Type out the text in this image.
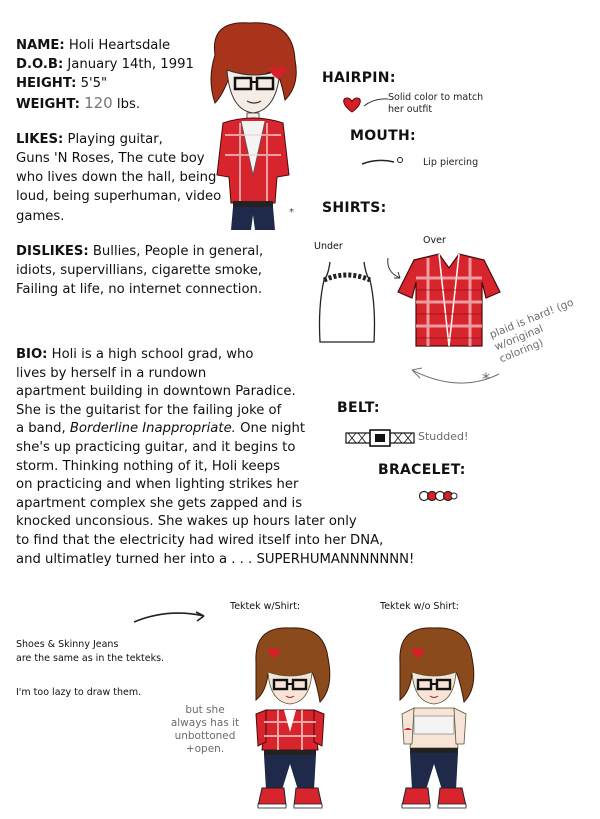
NAME: Holi Heartsdale
D.O.B: January 14th, 1991
HEIGHT: 5'5"
WEIGHT: 120 lbs.
LIKES: Playing guitar,
Guns 'N Roses, The cute boy
who lives down the hall, being
loud, being superhuman, video
games.
DISLIKES: Bullies, People in general,
idiots, supervillians, cigarette smoke,
Failing at life, no internet connection.

BIO: Holi is a high school grad, who

lives by herself in a rundown

apartment building in downtown Paradice.

She is the guitarist for the failing joke of

a band, Borderline Inappropriate. One night

she's up practicing guitar, and it begins to

storm. Thinking nothing of it, Holi keeps

on practicing and when lighting strikes her

apartment complex she gets zapped and is

knocked unconsious. She wakes up hours later only

to find that the electricity had wired itself into her DNA,

and ultimatley turned her into a . . . SUPERHUMANNNNNNN!

*
HAIRPIN:
Solid color to match her outfit
MOUTH:
Lip piercing
SHIRTS:
Under
Over
plaid is hard! (go w/original coloring)
*
BELT:
Studded!
BRACELET:
Shoes & Skinny Jeans
are the same as in the tekteks.
I'm too lazy to draw them.
Tektek w/Shirt:	Tektek w/o Shirt:
but she always has it unbottoned +open.
